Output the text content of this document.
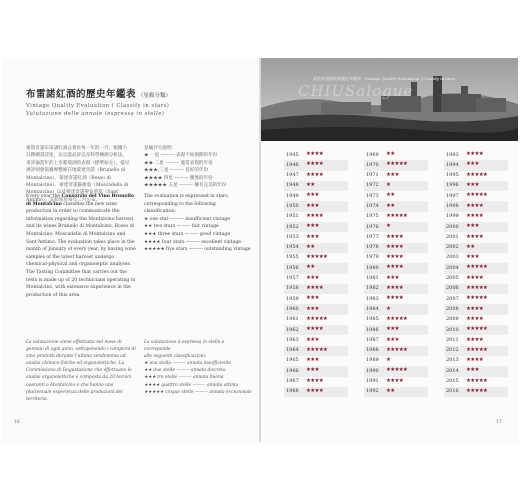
布雷諾紅酒的歷史年鑑表 （星級分類）
Vintage Quality Evaluation ( Classify in stars)
Valutazione delle annate (espressa in stelle)
蒙塔奇諾布雷諾紅酒公會於每一年的一月，根據力日鐸爾書詳述，以官能品評以及科學檢測分析法，來評論當年的上市葡萄酒的表現（標準如左），提早裸評則會依據裡整條在地蒙達奇諾（Brunello di Montalcino）、蒙達奇諾紅酒（Rosso di Montalcino）、蒙達奇諾蘇維翁（Moscadello di Montalcino）以及蒙達奇諾聖安蒂莫（Sant' Antimo），其結果於每年二月公布。
星級評分說明：
★ 一星 ——— 表現不如預期的年份
★★ 二星 ——— 適當表現的年份
★★★ 三星 ——— 良好的年份
★★★★ 四星 ——— 優異的年份
★★★★★ 五星 ——— 擁有完美的年份
Every year the Consorzio del Vino Brunello di Montalcino classifies the new wine production in order to communicate the information regarding the Montalcino harvest and its wines Brunello di Montalcino, Rosso di Montalcino, Moscadello di Montalcino and Sant'Antimo. The evaluation takes place in the month of January of every year, by having wine samples of the latest harvest undergo chemical-physical and organoleptic analyses. The Tasting Committee that carries out the tests is made up of 20 technicians operating in Montalcino, with extensive experience in the production of this area.
The evaluation is expressed in stars,
corresponding to the following classification:
★ one star ——— insufficient vintage
★★ two stars ——— fair vintage
★★★ three stars ——— good vintage
★★★★ four stars ——— excellent vintage
★★★★★ five stars ——— outstanding vintage
La valutazione viene effettuata nel mese di gennaio di ogni anno, sottoponendo i campioni di vino prodotti durante l'ultima vendemmia ad analisi chimico-fisiche ed organolettiche. La Commissione di Degustazione che effettuano le analisi organolettiche è composta da 20 tecnici operanti a Montalcino e che hanno una pluriennale esperienza delle produzioni del territorio.
La valutazione è espressa in stelle e corrisponde
alle seguenti classificazioni:
★ una stella ——— annata insufficiente
★★ due stelle ——— annata discreta
★★★ tre stelle ——— annata buona
★★★★ quattro stelle ——— annata ottima
★★★★★ cinque stelle ——— annata eccezionale
16
CHIUSalogue
蒙塔奇諾酒莊與歷史年鑑表 · Vintage Quality Evaluation | Classify in stars
1945 ★★★★
1946 ★★★★
1947 ★★★★
1948 ★★
1949 ★★★
1950 ★★★
1951 ★★★★
1952 ★★★
1953 ★★★
1954 ★★
1955 ★★★★★
1956 ★★
1957 ★★★
1958 ★★★★
1959 ★★★
1960 ★★★
1961 ★★★★★
1962 ★★★★
1963 ★★★
1964 ★★★★★
1965 ★★★
1966 ★★★
1967 ★★★★
1968 ★★★★
1969 ★★
1970 ★★★★★
1971 ★★★
1972 ★
1973 ★★
1974 ★★
1975 ★★★★★
1976 ★
1977 ★★★★
1978 ★★★★
1979 ★★★★
1980 ★★★★
1981 ★★★
1982 ★★★★
1983 ★★★★
1984 ★
1985 ★★★★★
1986 ★★★
1987 ★★★
1988 ★★★★★
1989 ★
1990 ★★★★★
1991 ★★★★
1992 ★★
1993 ★★★★
1994 ★★★
1995 ★★★★★
1996 ★★★
1997 ★★★★★
1998 ★★★★
1999 ★★★★
2000 ★★★
2001 ★★★★
2002 ★★
2003 ★★★
2004 ★★★★★
2005 ★★★★
2006 ★★★★★
2007 ★★★★★
2008 ★★★★
2009 ★★★★
2010 ★★★★★
2011 ★★★★
2012 ★★★★★
2013 ★★★★
2014 ★★★
2015 ★★★★★
2016 ★★★★★
17
